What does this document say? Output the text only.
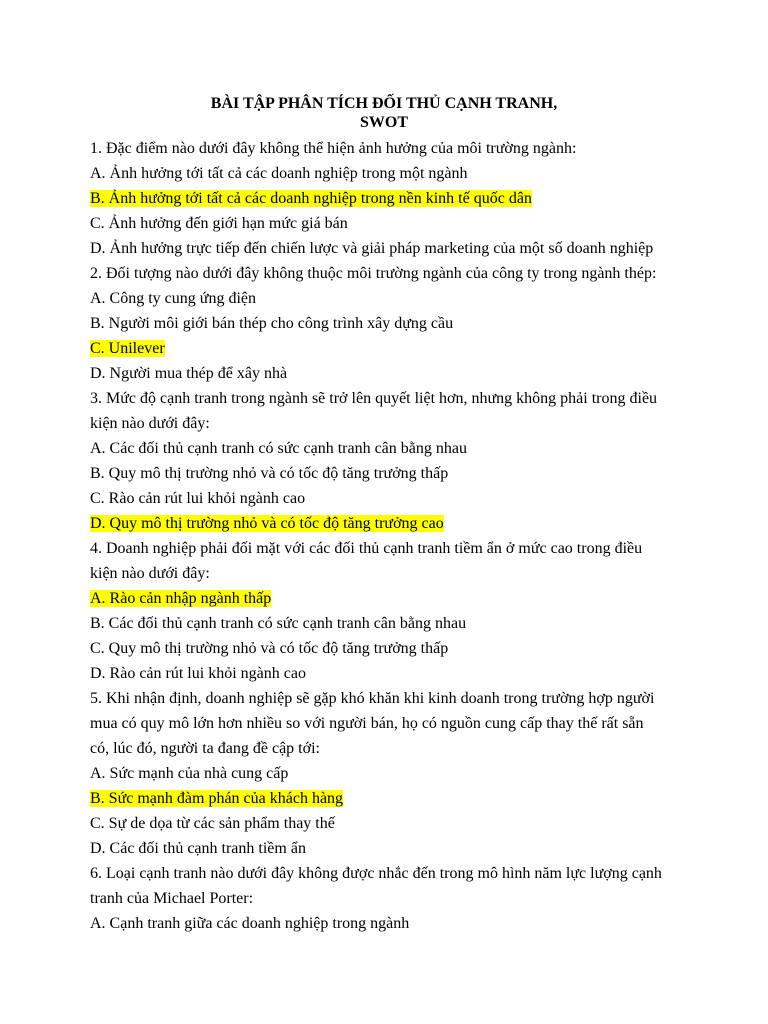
BÀI TẬP PHÂN TÍCH ĐỐI THỦ CẠNH TRANH,
SWOT
1. Đặc điểm nào dưới đây không thể hiện ảnh hưởng của môi trường ngành:
A. Ảnh hưởng tới tất cả các doanh nghiệp trong một ngành
B. Ảnh hưởng tới tất cả các doanh nghiệp trong nền kinh tế quốc dân
C. Ảnh hưởng đến giới hạn mức giá bán
D. Ảnh hưởng trực tiếp đến chiến lược và giải pháp marketing của một số doanh nghiệp
2. Đối tượng nào dưới đây không thuộc môi trường ngành của công ty trong ngành thép:
A. Công ty cung ứng điện
B. Người môi giới bán thép cho công trình xây dựng cầu
C. Unilever
D. Người mua thép để xây nhà
3. Mức độ cạnh tranh trong ngành sẽ trở lên quyết liệt hơn, nhưng không phải trong điều
kiện nào dưới đây:
A. Các đối thủ cạnh tranh có sức cạnh tranh cân bằng nhau
B. Quy mô thị trường nhỏ và có tốc độ tăng trưởng thấp
C. Rào cản rút lui khỏi ngành cao
D. Quy mô thị trường nhỏ và có tốc độ tăng trưởng cao
4. Doanh nghiệp phải đối mặt với các đối thủ cạnh tranh tiềm ẩn ở mức cao trong điều
kiện nào dưới đây:
A. Rào cản nhập ngành thấp
B. Các đối thủ cạnh tranh có sức cạnh tranh cân bằng nhau
C. Quy mô thị trường nhỏ và có tốc độ tăng trưởng thấp
D. Rào cản rút lui khỏi ngành cao
5. Khi nhận định, doanh nghiệp sẽ gặp khó khăn khi kinh doanh trong trường hợp người
mua có quy mô lớn hơn nhiều so với người bán, họ có nguồn cung cấp thay thế rất sẵn
có, lúc đó, người ta đang đề cập tới:
A. Sức mạnh của nhà cung cấp
B. Sức mạnh đàm phán của khách hàng
C. Sự de dọa từ các sản phẩm thay thế
D. Các đối thủ cạnh tranh tiềm ẩn
6. Loại cạnh tranh nào dưới đây không được nhắc đến trong mô hình năm lực lượng cạnh
tranh của Michael Porter:
A. Cạnh tranh giữa các doanh nghiệp trong ngành
